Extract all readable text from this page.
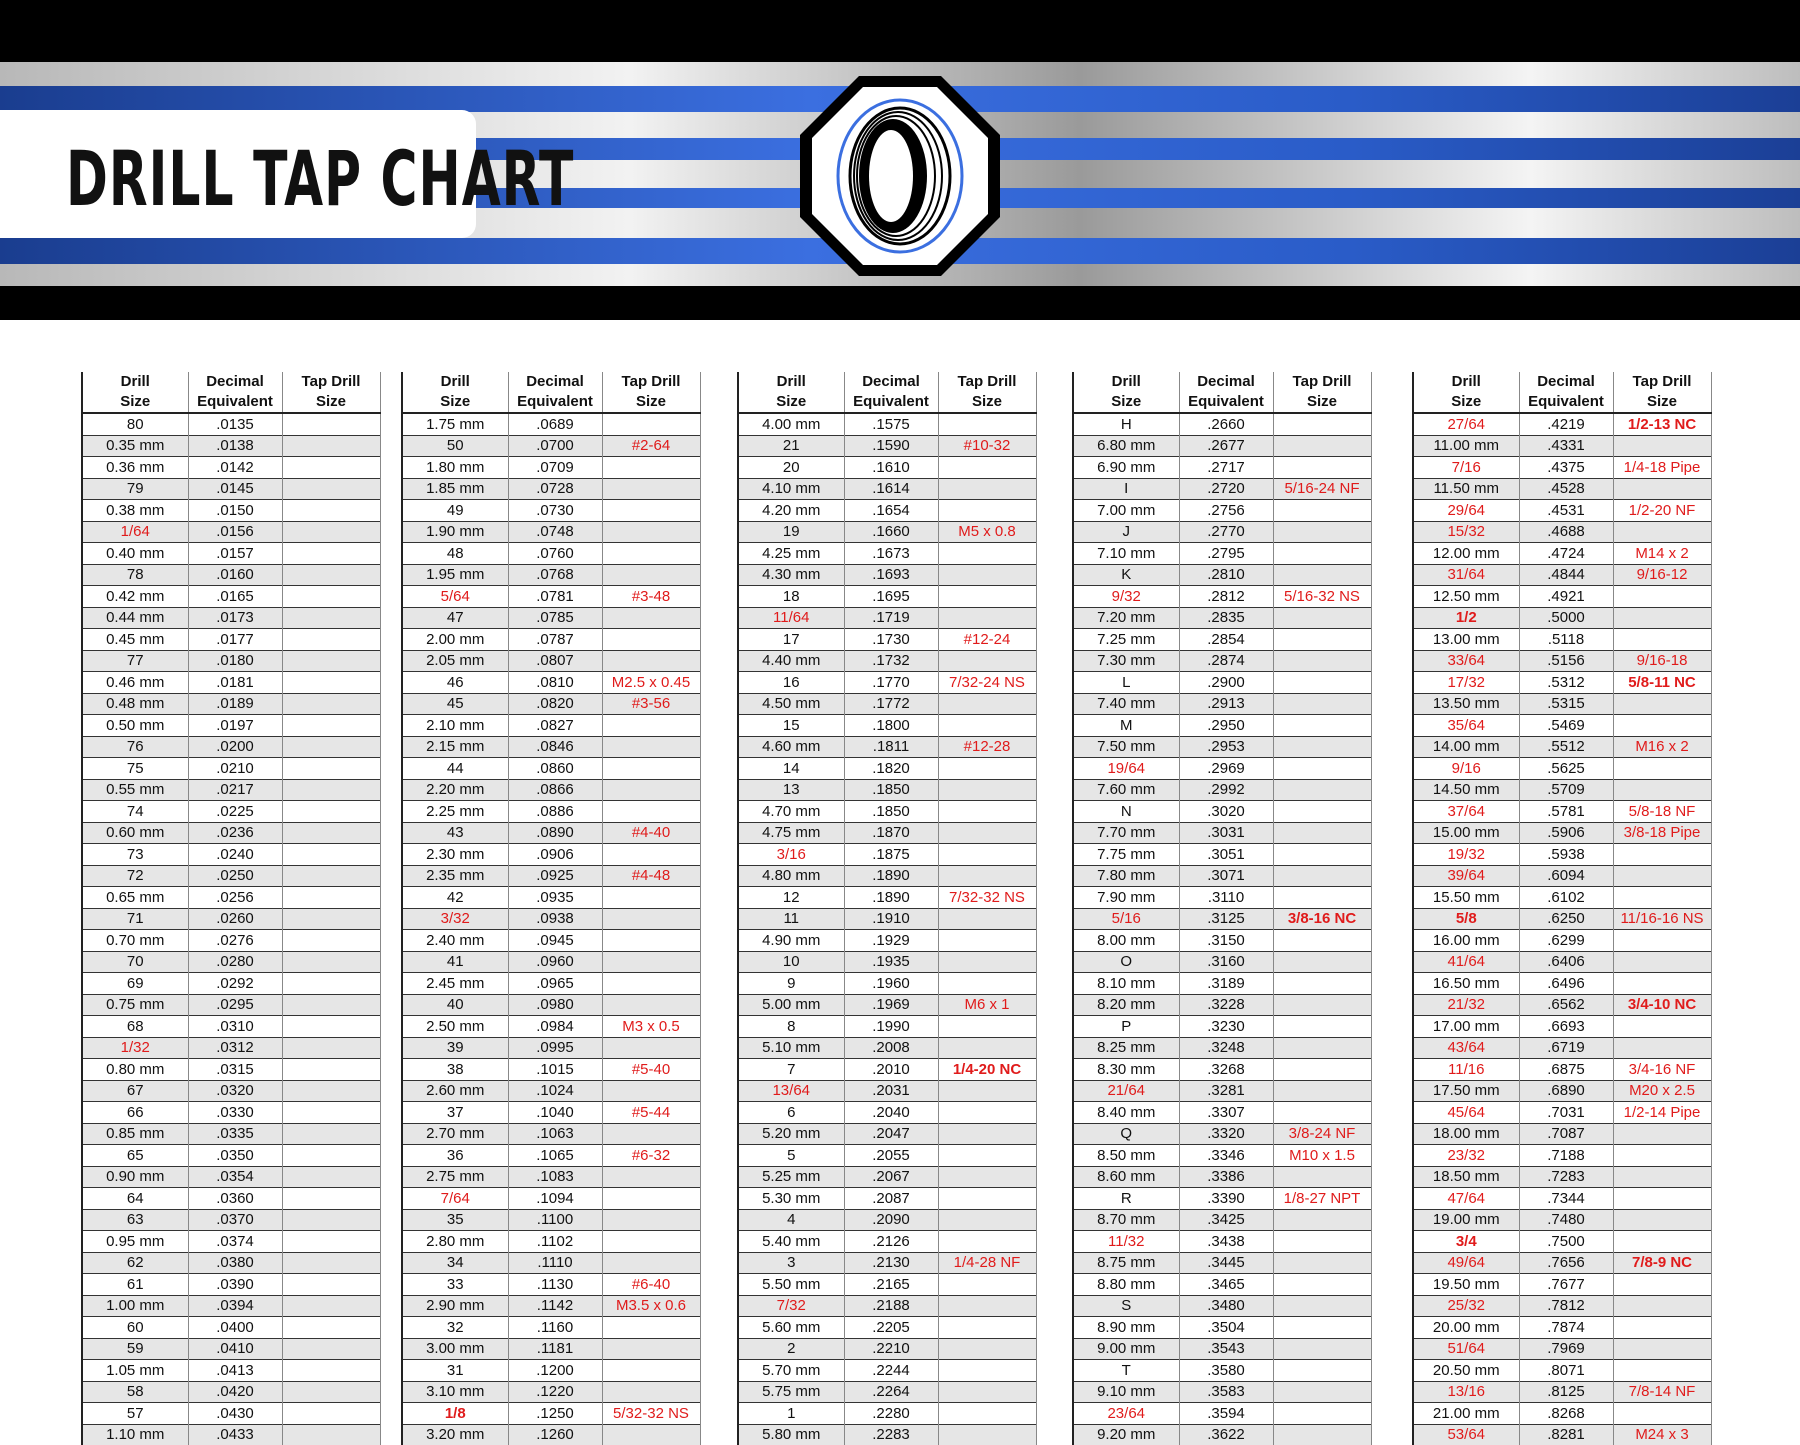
DRILL TAP CHART
Drill
Size	Decimal
Equivalent	Tap Drill
Size
80	.0135	
0.35 mm	.0138	
0.36 mm	.0142	
79	.0145	
0.38 mm	.0150	
1/64	.0156	
0.40 mm	.0157	
78	.0160	
0.42 mm	.0165	
0.44 mm	.0173	
0.45 mm	.0177	
77	.0180	
0.46 mm	.0181	
0.48 mm	.0189	
0.50 mm	.0197	
76	.0200	
75	.0210	
0.55 mm	.0217	
74	.0225	
0.60 mm	.0236	
73	.0240	
72	.0250	
0.65 mm	.0256	
71	.0260	
0.70 mm	.0276	
70	.0280	
69	.0292	
0.75 mm	.0295	
68	.0310	
1/32	.0312	
0.80 mm	.0315	
67	.0320	
66	.0330	
0.85 mm	.0335	
65	.0350	
0.90 mm	.0354	
64	.0360	
63	.0370	
0.95 mm	.0374	
62	.0380	
61	.0390	
1.00 mm	.0394	
60	.0400	
59	.0410	
1.05 mm	.0413	
58	.0420	
57	.0430	
1.10 mm	.0433	
Drill
Size	Decimal
Equivalent	Tap Drill
Size
1.75 mm	.0689	
50	.0700	#2-64
1.80 mm	.0709	
1.85 mm	.0728	
49	.0730	
1.90 mm	.0748	
48	.0760	
1.95 mm	.0768	
5/64	.0781	#3-48
47	.0785	
2.00 mm	.0787	
2.05 mm	.0807	
46	.0810	M2.5 x 0.45
45	.0820	#3-56
2.10 mm	.0827	
2.15 mm	.0846	
44	.0860	
2.20 mm	.0866	
2.25 mm	.0886	
43	.0890	#4-40
2.30 mm	.0906	
2.35 mm	.0925	#4-48
42	.0935	
3/32	.0938	
2.40 mm	.0945	
41	.0960	
2.45 mm	.0965	
40	.0980	
2.50 mm	.0984	M3 x 0.5
39	.0995	
38	.1015	#5-40
2.60 mm	.1024	
37	.1040	#5-44
2.70 mm	.1063	
36	.1065	#6-32
2.75 mm	.1083	
7/64	.1094	
35	.1100	
2.80 mm	.1102	
34	.1110	
33	.1130	#6-40
2.90 mm	.1142	M3.5 x 0.6
32	.1160	
3.00 mm	.1181	
31	.1200	
3.10 mm	.1220	
1/8	.1250	5/32-32 NS
3.20 mm	.1260	
Drill
Size	Decimal
Equivalent	Tap Drill
Size
4.00 mm	.1575	
21	.1590	#10-32
20	.1610	
4.10 mm	.1614	
4.20 mm	.1654	
19	.1660	M5 x 0.8
4.25 mm	.1673	
4.30 mm	.1693	
18	.1695	
11/64	.1719	
17	.1730	#12-24
4.40 mm	.1732	
16	.1770	7/32-24 NS
4.50 mm	.1772	
15	.1800	
4.60 mm	.1811	#12-28
14	.1820	
13	.1850	
4.70 mm	.1850	
4.75 mm	.1870	
3/16	.1875	
4.80 mm	.1890	
12	.1890	7/32-32 NS
11	.1910	
4.90 mm	.1929	
10	.1935	
9	.1960	
5.00 mm	.1969	M6 x 1
8	.1990	
5.10 mm	.2008	
7	.2010	1/4-20 NC
13/64	.2031	
6	.2040	
5.20 mm	.2047	
5	.2055	
5.25 mm	.2067	
5.30 mm	.2087	
4	.2090	
5.40 mm	.2126	
3	.2130	1/4-28 NF
5.50 mm	.2165	
7/32	.2188	
5.60 mm	.2205	
2	.2210	
5.70 mm	.2244	
5.75 mm	.2264	
1	.2280	
5.80 mm	.2283	
Drill
Size	Decimal
Equivalent	Tap Drill
Size
H	.2660	
6.80 mm	.2677	
6.90 mm	.2717	
I	.2720	5/16-24 NF
7.00 mm	.2756	
J	.2770	
7.10 mm	.2795	
K	.2810	
9/32	.2812	5/16-32 NS
7.20 mm	.2835	
7.25 mm	.2854	
7.30 mm	.2874	
L	.2900	
7.40 mm	.2913	
M	.2950	
7.50 mm	.2953	
19/64	.2969	
7.60 mm	.2992	
N	.3020	
7.70 mm	.3031	
7.75 mm	.3051	
7.80 mm	.3071	
7.90 mm	.3110	
5/16	.3125	3/8-16 NC
8.00 mm	.3150	
O	.3160	
8.10 mm	.3189	
8.20 mm	.3228	
P	.3230	
8.25 mm	.3248	
8.30 mm	.3268	
21/64	.3281	
8.40 mm	.3307	
Q	.3320	3/8-24 NF
8.50 mm	.3346	M10 x 1.5
8.60 mm	.3386	
R	.3390	1/8-27 NPT
8.70 mm	.3425	
11/32	.3438	
8.75 mm	.3445	
8.80 mm	.3465	
S	.3480	
8.90 mm	.3504	
9.00 mm	.3543	
T	.3580	
9.10 mm	.3583	
23/64	.3594	
9.20 mm	.3622	
Drill
Size	Decimal
Equivalent	Tap Drill
Size
27/64	.4219	1/2-13 NC
11.00 mm	.4331	
7/16	.4375	1/4-18 Pipe
11.50 mm	.4528	
29/64	.4531	1/2-20 NF
15/32	.4688	
12.00 mm	.4724	M14 x 2
31/64	.4844	9/16-12
12.50 mm	.4921	
1/2	.5000	
13.00 mm	.5118	
33/64	.5156	9/16-18
17/32	.5312	5/8-11 NC
13.50 mm	.5315	
35/64	.5469	
14.00 mm	.5512	M16 x 2
9/16	.5625	
14.50 mm	.5709	
37/64	.5781	5/8-18 NF
15.00 mm	.5906	3/8-18 Pipe
19/32	.5938	
39/64	.6094	
15.50 mm	.6102	
5/8	.6250	11/16-16 NS
16.00 mm	.6299	
41/64	.6406	
16.50 mm	.6496	
21/32	.6562	3/4-10 NC
17.00 mm	.6693	
43/64	.6719	
11/16	.6875	3/4-16 NF
17.50 mm	.6890	M20 x 2.5
45/64	.7031	1/2-14 Pipe
18.00 mm	.7087	
23/32	.7188	
18.50 mm	.7283	
47/64	.7344	
19.00 mm	.7480	
3/4	.7500	
49/64	.7656	7/8-9 NC
19.50 mm	.7677	
25/32	.7812	
20.00 mm	.7874	
51/64	.7969	
20.50 mm	.8071	
13/16	.8125	7/8-14 NF
21.00 mm	.8268	
53/64	.8281	M24 x 3
